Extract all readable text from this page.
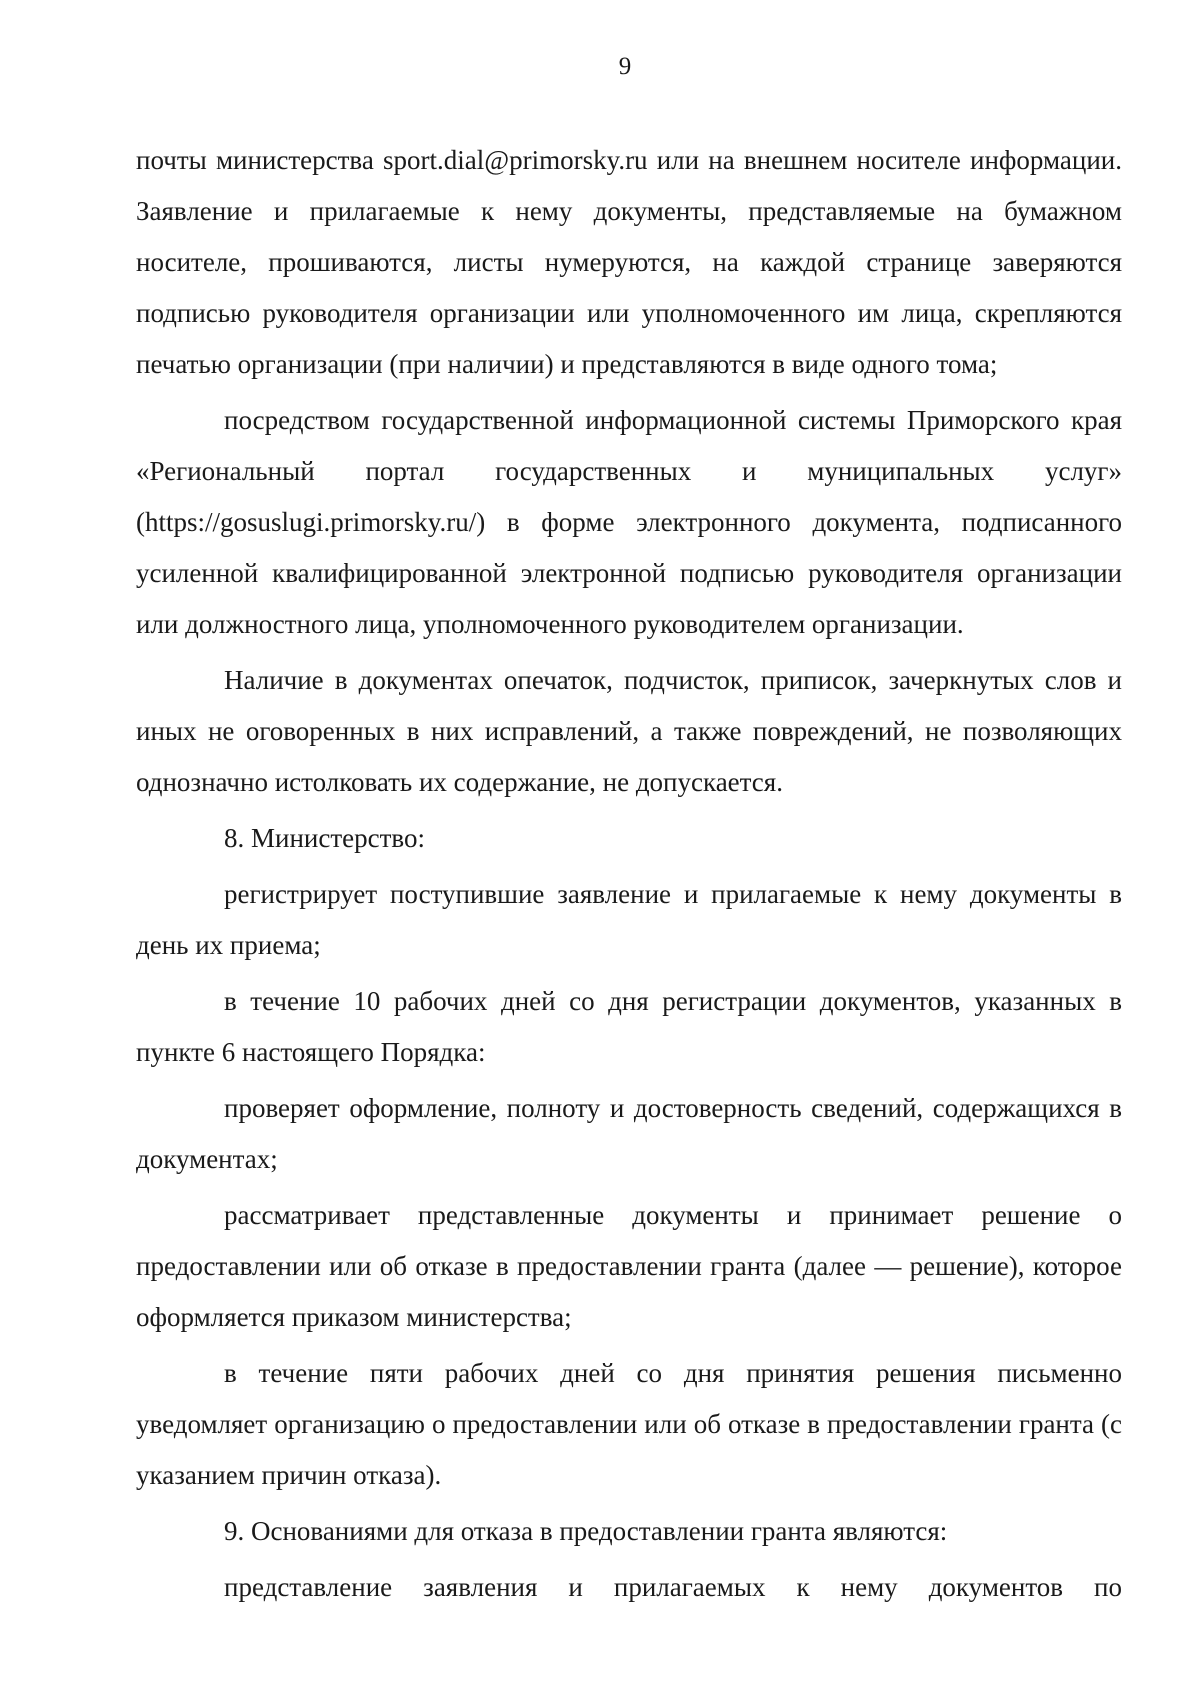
9

почты министерства sport.dial@primorsky.ru или на внешнем носителе информации. Заявление и прилагаемые к нему документы, представляемые на бумажном носителе, прошиваются, листы нумеруются, на каждой странице заверяются подписью руководителя организации или уполномоченного им лица, скрепляются печатью организации (при наличии) и представляются в виде одного тома;

посредством государственной информационной системы Приморского края «Региональный портал государственных и муниципальных услуг» (https://gosuslugi.primorsky.ru/) в форме электронного документа, подписанного усиленной квалифицированной электронной подписью руководителя организации или должностного лица, уполномоченного руководителем организации.

Наличие в документах опечаток, подчисток, приписок, зачеркнутых слов и иных не оговоренных в них исправлений, а также повреждений, не позволяющих однозначно истолковать их содержание, не допускается.

8. Министерство:

регистрирует поступившие заявление и прилагаемые к нему документы в день их приема;

в течение 10 рабочих дней со дня регистрации документов, указанных в пункте 6 настоящего Порядка:

проверяет оформление, полноту и достоверность сведений, содержащихся в документах;

рассматривает представленные документы и принимает решение о предоставлении или об отказе в предоставлении гранта (далее — решение), которое оформляется приказом министерства;

в течение пяти рабочих дней со дня принятия решения письменно уведомляет организацию о предоставлении или об отказе в предоставлении гранта (с указанием причин отказа).

9. Основаниями для отказа в предоставлении гранта являются:

представление заявления и прилагаемых к нему документов по
